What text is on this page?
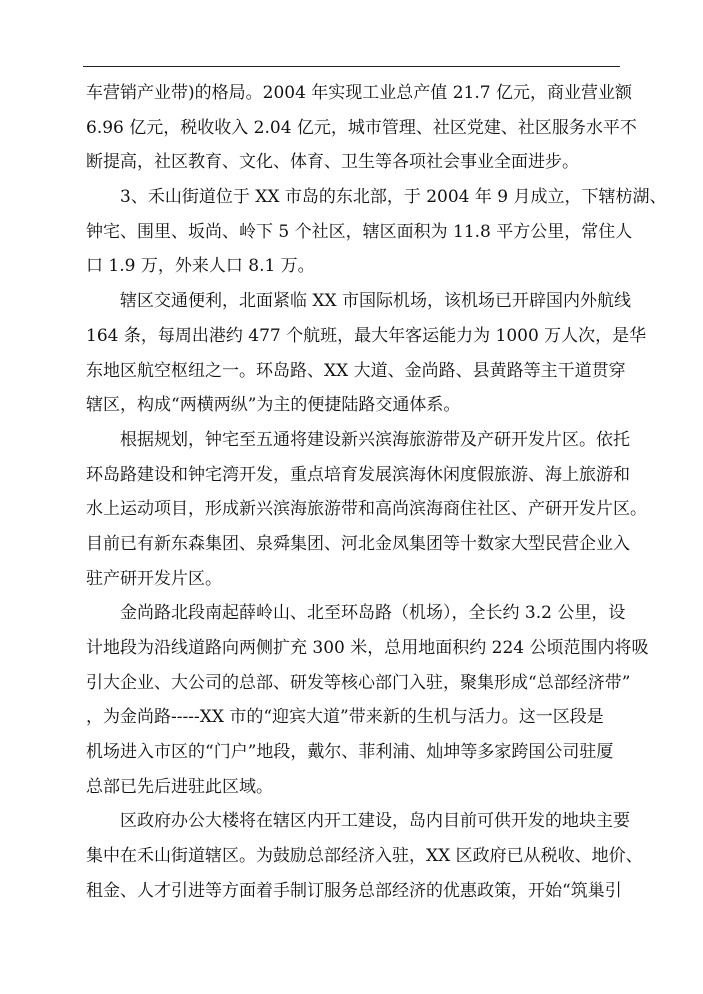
车营销产业带)的格局。2004 年实现工业总产值 21.7 亿元，商业营业额
6.96 亿元，税收收入 2.04 亿元，城市管理、社区党建、社区服务水平不
断提高，社区教育、文化、体育、卫生等各项社会事业全面进步。

　　3、禾山街道位于 XX 市岛的东北部，于 2004 年 9 月成立，下辖枋湖、
钟宅、围里、坂尚、岭下 5 个社区，辖区面积为 11.8 平方公里，常住人
口 1.9 万，外来人口 8.1 万。

　　辖区交通便利，北面紧临 XX 市国际机场，该机场已开辟国内外航线
164 条，每周出港约 477 个航班，最大年客运能力为 1000 万人次，是华
东地区航空枢纽之一。环岛路、XX 大道、金尚路、县黄路等主干道贯穿
辖区，构成“两横两纵”为主的便捷陆路交通体系。

　　根据规划，钟宅至五通将建设新兴滨海旅游带及产研开发片区。依托
环岛路建设和钟宅湾开发，重点培育发展滨海休闲度假旅游、海上旅游和
水上运动项目，形成新兴滨海旅游带和高尚滨海商住社区、产研开发片区。
目前已有新东森集团、泉舜集团、河北金凤集团等十数家大型民营企业入
驻产研开发片区。

　　金尚路北段南起薛岭山、北至环岛路（机场），全长约 3.2 公里，设
计地段为沿线道路向两侧扩充 300 米，总用地面积约 224 公顷范围内将吸
引大企业、大公司的总部、研发等核心部门入驻，聚集形成“总部经济带”
，为金尚路-----XX 市的“迎宾大道”带来新的生机与活力。这一区段是
机场进入市区的“门户”地段，戴尔、菲利浦、灿坤等多家跨国公司驻厦
总部已先后进驻此区域。

　　区政府办公大楼将在辖区内开工建设，岛内目前可供开发的地块主要
集中在禾山街道辖区。为鼓励总部经济入驻，XX 区政府已从税收、地价、
租金、人才引进等方面着手制订服务总部经济的优惠政策，开始“筑巢引
